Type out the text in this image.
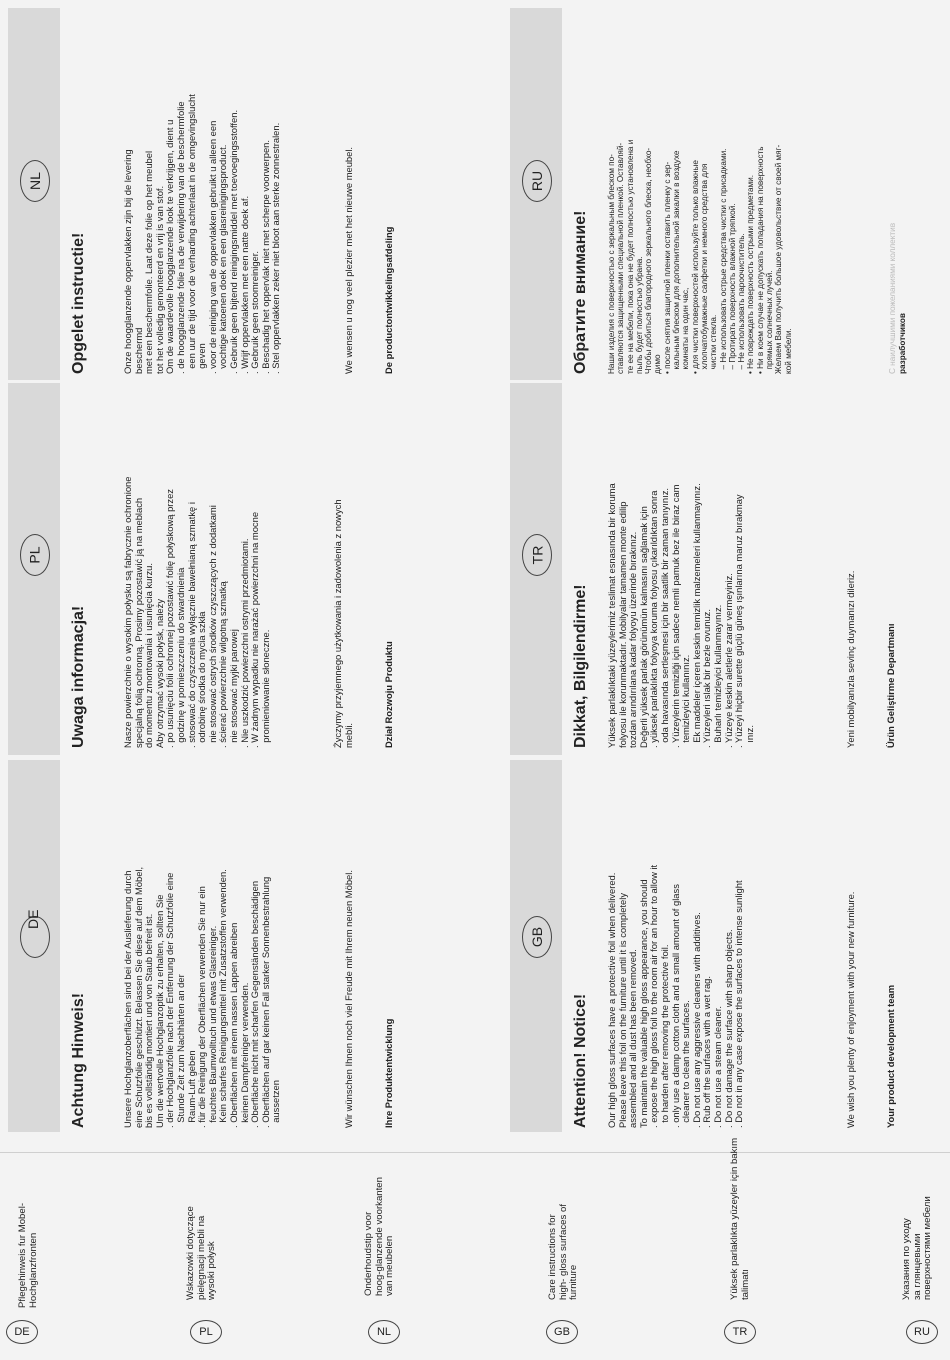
DE
Pflegehinweis fur Mobel-
Hochglanzfronten
PL
Wskazowki dotyczące
pielęgnacji mebli na
wysoki połysk
NL
Onderhoudstip voor
hoog-glanzende voorkanten
van meubelen
GB
Care instructions for
high- gloss surfaces of
furniture
TR
Yüksek parlaklıkta yüzeyler için bakım
talimatı
RU
Указания по уходу
за глянцевыми
поверхностями мебели
DE
PL
NL
GB
TR
RU
Achtung Hinweis!	Unsere Hochglanzoberflächen sind bei der Auslieferung durch
eine Schutzfolie geschützt. Belassen Sie diese auf dem Möbel,
bis es vollständig montiert und von Staub befreit ist.
Um die wertvolle Hochglanzoptik zu erhalten, sollten Sie
. der Hochglanzfolie nach der Entfernung der Schutzfolie eine
Stunde Zeit zum Nachhärten an der
Raum-Luft geben
. für die Reinigung der Oberflächen verwenden Sie nur ein
feuchtes Baumwolltuch und etwas Glasreiniger.
Kein scharfes Reinigungsmittel mit Zusatzstoffen verwenden.
. Oberflächen mit einem nassen Lappen abreiben
keinen Dampfreiniger verwenden.
. Oberfläche nicht mit scharfen Gegenständen beschädigen
. Oberflächen auf gar keinen Fall starker Sonnenbestrahlung
aussetzen	Wir wünschen Ihnen noch viel Freude mit Ihrem neuen Möbel.	Ihre Produktentwicklung
Uwaga informacja!	Nasze powierzchnie o wysokim połysku są fabrycznie ochronione
specjalną folią ochronną. Prosimy pozostawić ją na meblach
do momentu zmontowania i usunięcia kurzu.
Aby otrzymać wysoki połysk, należy
. po usunięciu folii ochronnej pozostawić folię połyskową przez
godzinę w pomieszczeniu do stwardnienia
. stosować do czyszczenia wyłącznie bawełnianą szmatkę i
odrobinę środka do mycia szkła
nie stosować ostrych środków czyszczących z dodatkami
. ścierać powierzchnie wilgotną szmatką
nie stosować myjki parowej
. Nie uszkodzić powierzchni ostrymi przedmiotami.
. W żadnym wypadku nie narażać powierzchni na mocne
promieniowanie słoneczne.
Życzymy przyjemnego użytkowania i zadowolenia z nowych
mebli.	Dział Rozwoju Produktu
Opgelet instructie!	Onze hoogglanzende oppervlakken zijn bij de levering
beschermd
met een beschermfolie. Laat deze folie op het meubel
tot het volledig gemonteerd en vrij is van stof.
Om de waardevolle hoogglanzende look te verkrijgen, dient u
. de hoogglanzende folie na de verwijdering van de beschermfolie
een uur de tijd voor de verharding achterlaat in de omgevingslucht
geven
. voor de reiniging van de oppervlakken gebruikt u alleen een
vochtige katoenen doek en een glasreinigingsproduct.
. Gebruik geen bijtend reinigingsmiddel met toevoegingsstoffen.
. Wrijf oppervlakken met een natte doek af.
. Gebruik geen stoomreiniger.
. Beschadig het oppervlak niet met scherpe voorwerpen.
. Stel oppervlakken zeker niet bloot aan sterke zonnestralen.	We wensen u nog veel plezier met het nieuwe meubel.	De productontwikkelingsafdeling
Attention! Notice! Our high gloss surfaces have a protective foil when delivered.
Please leave this foil on the furniture until it is completely
assembled and all dust has been removed.
To maintain the valuable high gloss appearance, you should
. expose the high gloss foil to the room air for an hour to allow it
to harden after removing the protective foil.
. only use a damp cotton cloth and a small amount of glass
cleaner to clean the surfaces.
. Do not use any aggressive cleaners with additives.
. Rub off the surfaces with a wet rag.
. Do not use a steam cleaner.
. Do not damage the surface with sharp objects.
. Do not in any case expose the surfaces to intense sunlight	We wish you plenty of enjoyment with your new furniture.	Your product development team
Dikkat, Bilgilendirme! Yüksek parlaklıktaki yüzeylerimiz teslimat esnasında bir koruma
folyosu ile korunmaktadır. Mobilyalar tamamen monte edilip
tozdan arındırılana kadar folyoyu üzerinde bırakınız.
Değerli yüksek parlak görünümün kalmasını sağlamak için
. yüksek parlaklıkta folyoya koruma folyosu çıkarıldıktan sonra
oda havasında sertleşmesi için bir saatlik bir zaman tanıyınız.
. Yüzeylerin temizliği için sadece nemli pamuk bez ile biraz cam
temizleyici kullanınız.
Ek maddeler içeren keskin temizlik malzemeleri kullanmayınız.
. Yüzeyleri ıslak bir bezle ovunuz.
Buharlı temizleyici kullanmayınız.
. Yüzeye keskin aletlerle zarar vermeyiniz.
. Yüzeyi hiçbir surette güçlü güneş ışınlarına maruz bırakmay
ınız.	Yeni mobilyanızla sevinç duymanızı dileriz.	Ürün Geliştirme Departmanı
Обратите внимание! Наши изделия с поверхностью с зеркальным блеском по-
ставляются защищенными специальной пленкой. Оставляй-
те ее на мебели, пока она не будет полностью установлена и
пыль будет полностью убрана.
Чтобы добиться благородного зеркального блеска, необхо-
димо
• после снятия защитной пленки оставить пленку с зер-
кальным блеском для дополнительной закалки в воздухе
комнаты на один час,
• для чистки поверхностей используйте только влажные
хлопчатобумажные салфетки и немного средства для
чистки стекла.
– Не использовать острые средства чистки с присадками.
– Протирать поверхность влажной тряпкой.
– Не использовать пароочиститель.
• Не повреждать поверхность острыми предметами.
• Ни в коем случае не допускать попадания на поверхность
прямых солнечных лучей.
Желаем Вам получить большое удовольствие от своей мяг-
кой мебели.	С наилучшими пожеланиями коллектив разработчиков
